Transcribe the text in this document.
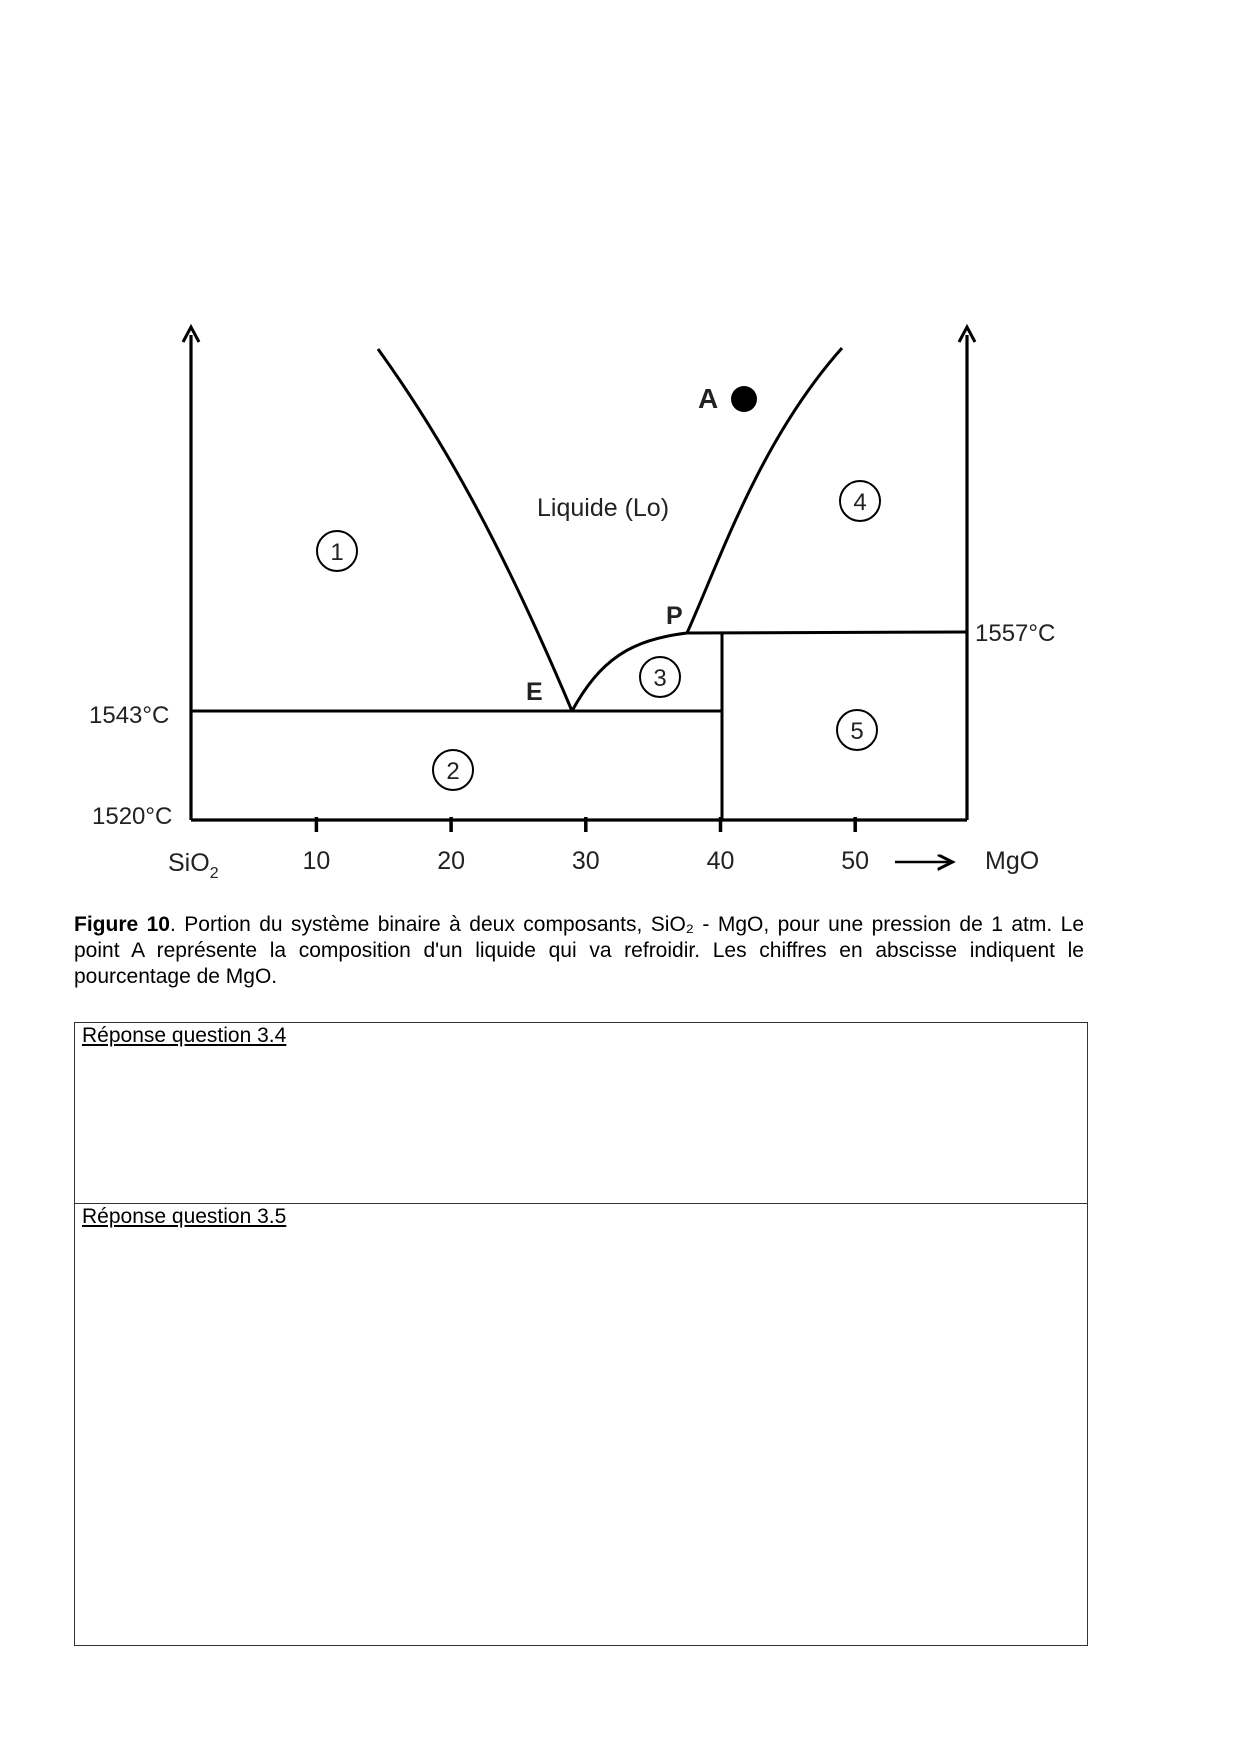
A
E
P
Liquide (Lo)
1
2
3
4
5
1543°C
1520°C
1557°C
10	20	30	40	50
SiO$_2$	MgO

Figure 10. Portion du système binaire à deux composants, SiO₂ - MgO, pour une pression de 1 atm. Le point A représente la composition d'un liquide qui va refroidir. Les chiffres en abscisse indiquent le pourcentage de MgO.

Réponse question 3.4
Réponse question 3.5
